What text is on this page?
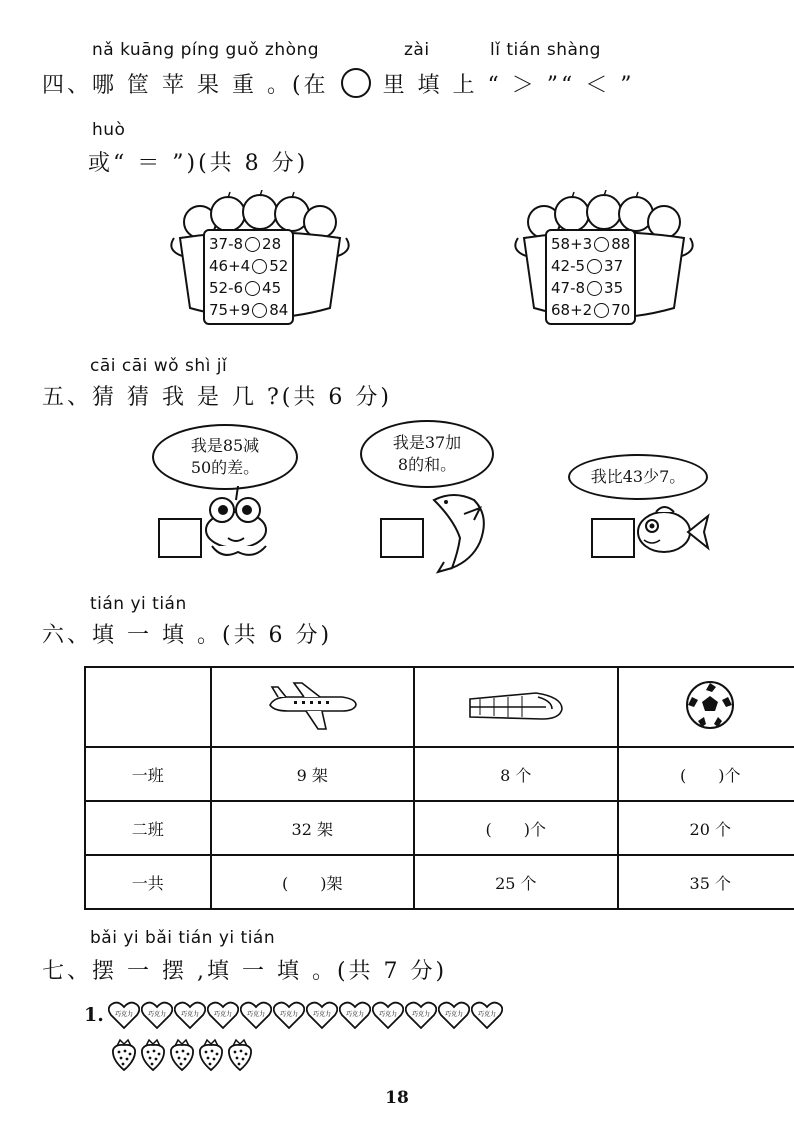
nǎ kuāng píng guǒ zhòng	zài	lǐ tián shàng
四、哪 筐 苹 果 重 。(在 里 填 上 “ ＞ ”“ ＜ ”
huò
或“ ＝ ”)(共 8 分)
37-8 28
46+4 52
52-6 45
75+9 84
58+3 88
42-5 37
47-8 35
68+2 70
cāi cāi wǒ shì jǐ
五、猜 猜 我 是 几 ?(共 6 分)
我是85减
50的差。
我是37加
8的和。
我比43少7。
tián yi tián
六、填 一 填 。(共 6 分)

一班	9 架	8 个	(　　)个
二班	32 架	(　　)个	20 个
一共	(　　)架	25 个	35 个
bǎi yi bǎi tián yi tián
七、摆 一 摆 ,填 一 填 。(共 7 分)
1. 巧克力 巧克力 巧克力 巧克力 巧克力 巧克力 巧克力 巧克力 巧克力 巧克力 巧克力 巧克力
18
